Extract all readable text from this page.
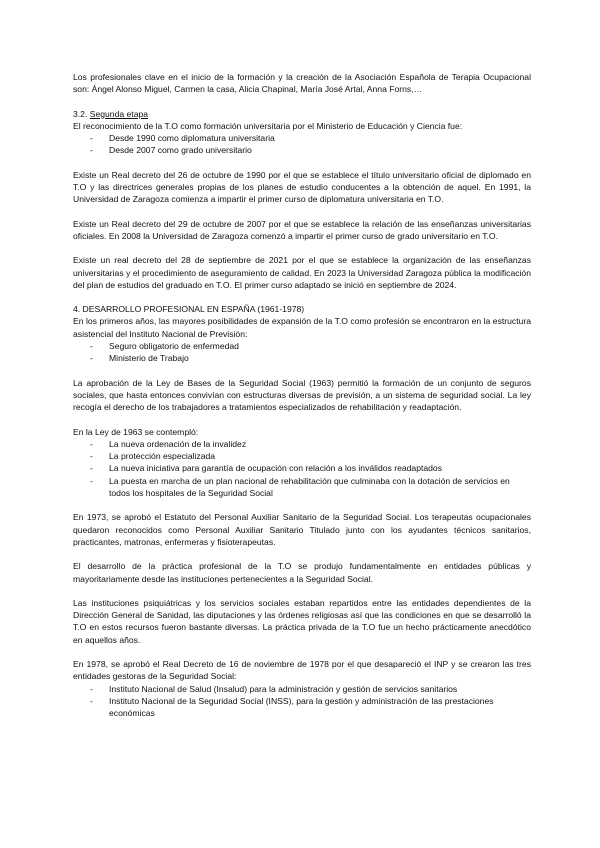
Los profesionales clave en el inicio de la formación y la creación de la Asociación Española de Terapia Ocupacional son: Ángel Alonso Miguel, Carmen la casa, Alicia Chapinal, María José Artal, Anna Forns,…

3.2. Segunda etapa

El reconocimiento de la T.O como formación universitaria por el Ministerio de Educación y Ciencia fue:

- Desde 1990 como diplomatura universitaria
- Desde 2007 como grado universitario

Existe un Real decreto del 26 de octubre de 1990 por el que se establece el título universitario oficial de diplomado en T.O y las directrices generales propias de los planes de estudio conducentes a la obtención de aquel. En 1991, la Universidad de Zaragoza comienza a impartir el primer curso de diplomatura universitaria en T.O.

Existe un Real decreto del 29 de octubre de 2007 por el que se establece la relación de las enseñanzas universitarias oficiales. En 2008 la Universidad de Zaragoza comenzó a impartir el primer curso de grado universitario en T.O.

Existe un real decreto del 28 de septiembre de 2021 por el que se establece la organización de las enseñanzas universitarias y el procedimiento de aseguramiento de calidad. En 2023 la Universidad Zaragoza pública la modificación del plan de estudios del graduado en T.O. El primer curso adaptado se inició en septiembre de 2024.

4. DESARROLLO PROFESIONAL EN ESPAÑA (1961-1978)

En los primeros años, las mayores posibilidades de expansión de la T.O como profesión se encontraron en la estructura asistencial del Instituto Nacional de Previsión:

- Seguro obligatorio de enfermedad
- Ministerio de Trabajo

La aprobación de la Ley de Bases de la Seguridad Social (1963) permitió la formación de un conjunto de seguros sociales, que hasta entonces convivían con estructuras diversas de previsión, a un sistema de seguridad social. La ley recogía el derecho de los trabajadores a tratamientos especializados de rehabilitación y readaptación.

En la Ley de 1963 se contempló:

- La nueva ordenación de la invalidez
- La protección especializada
- La nueva iniciativa para garantía de ocupación con relación a los inválidos readaptados
- La puesta en marcha de un plan nacional de rehabilitación que culminaba con la dotación de servicios en todos los hospitales de la Seguridad Social

En 1973, se aprobó el Estatuto del Personal Auxiliar Sanitario de la Seguridad Social. Los terapeutas ocupacionales quedaron reconocidos como Personal Auxiliar Sanitario Titulado junto con los ayudantes técnicos sanitarios, practicantes, matronas, enfermeras y fisioterapeutas.

El desarrollo de la práctica profesional de la T.O se produjo fundamentalmente en entidades públicas y mayoritariamente desde las instituciones pertenecientes a la Seguridad Social.

Las instituciones psiquiátricas y los servicios sociales estaban repartidos entre las entidades dependientes de la Dirección General de Sanidad, las diputaciones y las órdenes religiosas así que las condiciones en que se desarrolló la T.O en estos recursos fueron bastante diversas. La práctica privada de la T.O fue un hecho prácticamente anecdótico en aquellos años.

En 1978, se aprobó el Real Decreto de 16 de noviembre de 1978 por el que desapareció el INP y se crearon las tres entidades gestoras de la Seguridad Social:

- Instituto Nacional de Salud (Insalud) para la administración y gestión de servicios sanitarios
- Instituto Nacional de la Seguridad Social (INSS), para la gestión y administración de las prestaciones económicas
